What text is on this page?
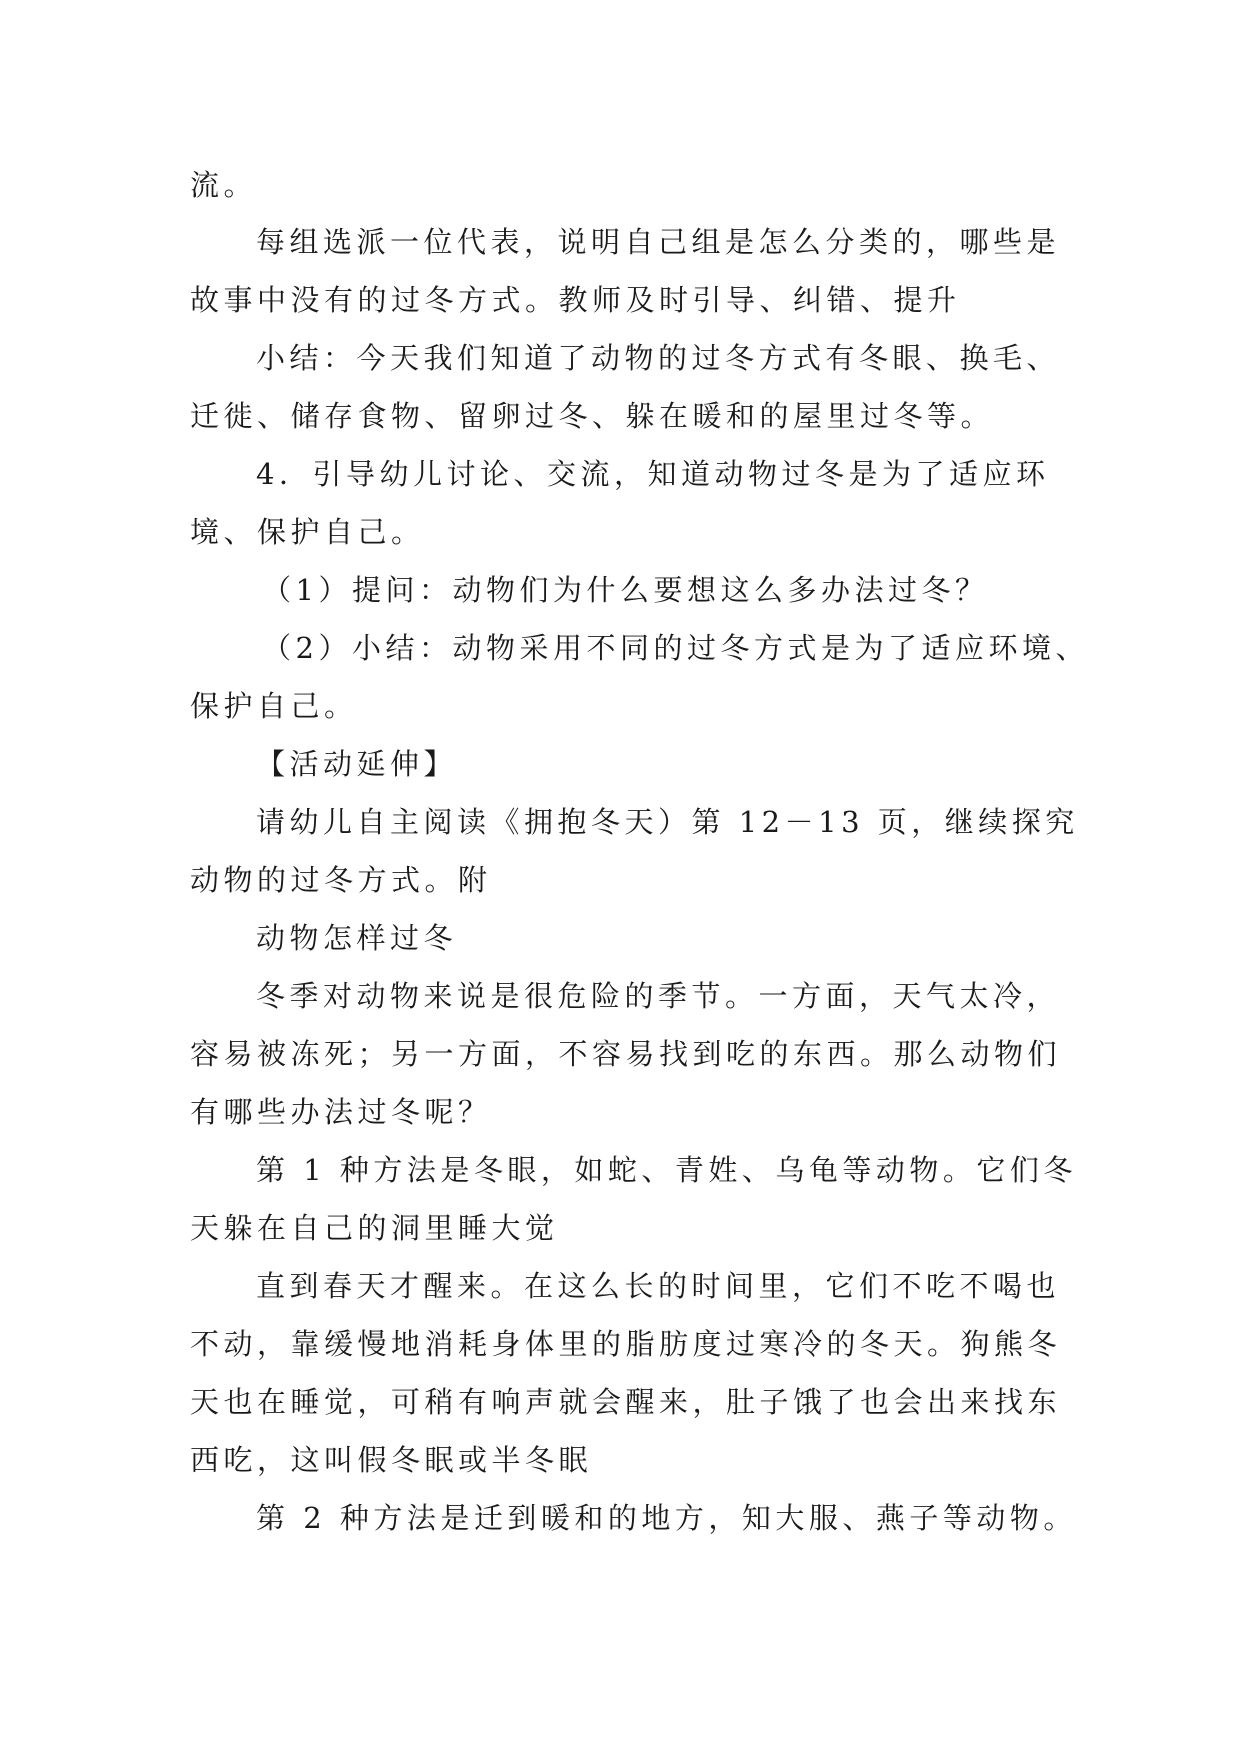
流。
每组选派一位代表，说明自己组是怎么分类的，哪些是
故事中没有的过冬方式。教师及时引导、纠错、提升
小结：今天我们知道了动物的过冬方式有冬眼、换毛、
迁徙、储存食物、留卵过冬、躲在暖和的屋里过冬等。
4．引导幼儿讨论、交流，知道动物过冬是为了适应环
境、保护自己。
（1）提问：动物们为什么要想这么多办法过冬？
（2）小结：动物采用不同的过冬方式是为了适应环境、
保护自己。
【活动延伸】
请幼儿自主阅读《拥抱冬天）第 12－13 页，继续探究
动物的过冬方式。附
动物怎样过冬
冬季对动物来说是很危险的季节。一方面，天气太冷，
容易被冻死；另一方面，不容易找到吃的东西。那么动物们
有哪些办法过冬呢？
第 1 种方法是冬眼，如蛇、青姓、乌龟等动物。它们冬
天躲在自己的洞里睡大觉
直到春天才醒来。在这么长的时间里，它们不吃不喝也
不动，靠缓慢地消耗身体里的脂肪度过寒冷的冬天。狗熊冬
天也在睡觉，可稍有响声就会醒来，肚子饿了也会出来找东
西吃，这叫假冬眠或半冬眠
第 2 种方法是迁到暖和的地方，知大服、燕子等动物。
